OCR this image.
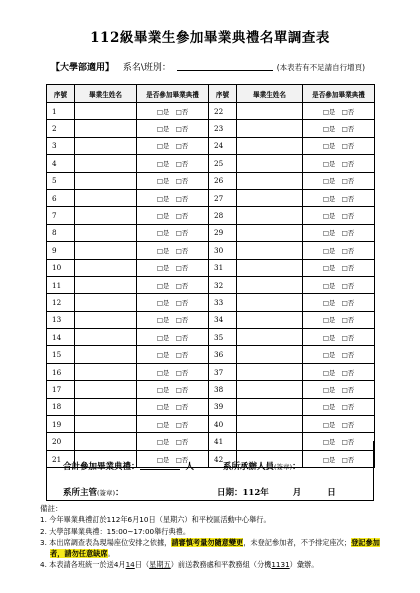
112級畢業生參加畢業典禮名單調查表
【大學部適用】 系名\班別：	(本表若有不足請自行增頁)
序號	畢業生姓名	是否參加畢業典禮	序號	畢業生姓名	是否參加畢業典禮
1		□是　□否	22		□是　□否
2		□是　□否	23		□是　□否
3		□是　□否	24		□是　□否
4		□是　□否	25		□是　□否
5		□是　□否	26		□是　□否
6		□是　□否	27		□是　□否
7		□是　□否	28		□是　□否
8		□是　□否	29		□是　□否
9		□是　□否	30		□是　□否
10		□是　□否	31		□是　□否
11		□是　□否	32		□是　□否
12		□是　□否	33		□是　□否
13		□是　□否	34		□是　□否
14		□是　□否	35		□是　□否
15		□是　□否	36		□是　□否
16		□是　□否	37		□是　□否
17		□是　□否	38		□是　□否
18		□是　□否	39		□是　□否
19		□是　□否	40		□是　□否
20		□是　□否	41		□是　□否
21		□是　□否	42		□是　□否
合計參加畢業典禮：	人	系所承辦人員(簽章)：
系所主管(簽章)：	日期：112年	月	日
備註：
1. 今年畢業典禮訂於112年6月10日（星期六）和平校區活動中心舉行。
2. 大學部畢業典禮：15:00~17:00舉行典禮。
3. 本出席調查表為現場座位安排之依據，請審慎考量勿隨意變更，未登記參加者，不予排定座次；登記參加者，請勿任意缺席。
4. 本表請各班統一於送4月14日（星期五）前送教務處和平教務組（分機1131）彙辦。
